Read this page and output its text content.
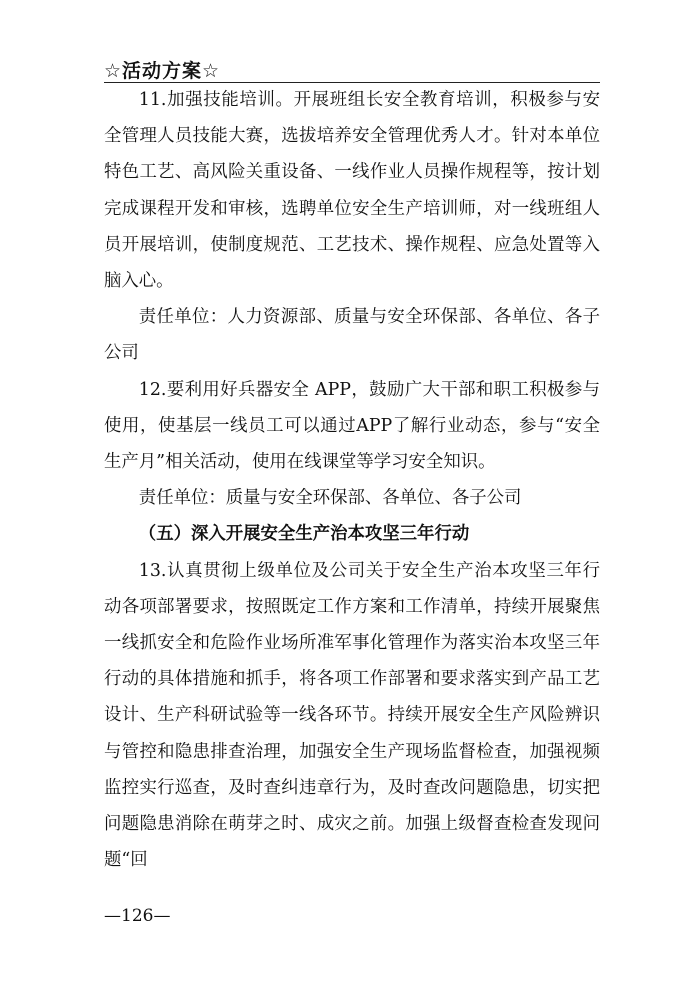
☆活动方案☆

11.加强技能培训。开展班组长安全教育培训，积极参与安全管理人员技能大赛，选拔培养安全管理优秀人才。针对本单位特色工艺、高风险关重设备、一线作业人员操作规程等，按计划完成课程开发和审核，选聘单位安全生产培训师，对一线班组人员开展培训，使制度规范、工艺技术、操作规程、应急处置等入脑入心。

责任单位：人力资源部、质量与安全环保部、各单位、各子公司

12.要利用好兵器安全 APP，鼓励广大干部和职工积极参与使用，使基层一线员工可以通过APP了解行业动态，参与“安全生产月”相关活动，使用在线课堂等学习安全知识。

责任单位：质量与安全环保部、各单位、各子公司

（五）深入开展安全生产治本攻坚三年行动

13.认真贯彻上级单位及公司关于安全生产治本攻坚三年行动各项部署要求，按照既定工作方案和工作清单，持续开展聚焦一线抓安全和危险作业场所准军事化管理作为落实治本攻坚三年行动的具体措施和抓手，将各项工作部署和要求落实到产品工艺设计、生产科研试验等一线各环节。持续开展安全生产风险辨识与管控和隐患排查治理，加强安全生产现场监督检查，加强视频监控实行巡查，及时查纠违章行为，及时查改问题隐患，切实把问题隐患消除在萌芽之时、成灾之前。加强上级督查检查发现问题“回

—126—
